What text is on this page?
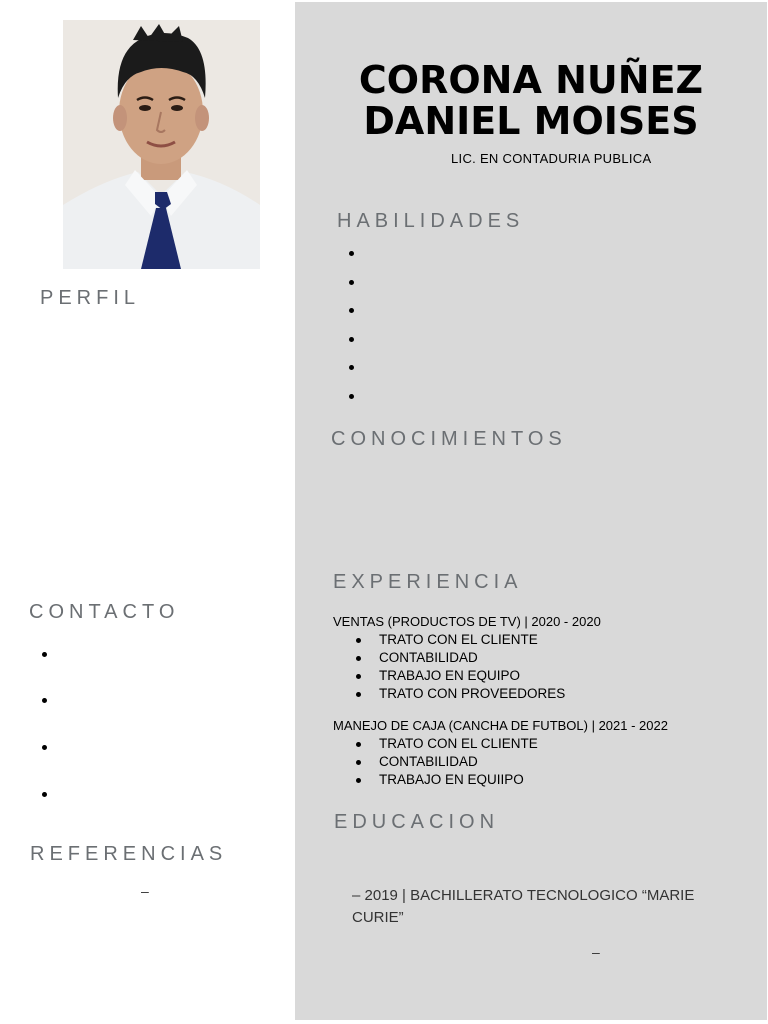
PERFIL
CONTACTO
REFERENCIAS
–
CORONA NUÑEZ
DANIEL MOISES
LIC. EN CONTADURIA PUBLICA
HABILIDADES
CONOCIMIENTOS
EXPERIENCIA
VENTAS (PRODUCTOS DE TV) | 2020 - 2020
TRATO CON EL CLIENTE
CONTABILIDAD
TRABAJO EN EQUIPO
TRATO CON PROVEEDORES
MANEJO DE CAJA (CANCHA DE FUTBOL) | 2021 - 2022
TRATO CON EL CLIENTE
CONTABILIDAD
TRABAJO EN EQUIIPO
EDUCACION
– 2019 | BACHILLERATO TECNOLOGICO “MARIE CURIE”
–
